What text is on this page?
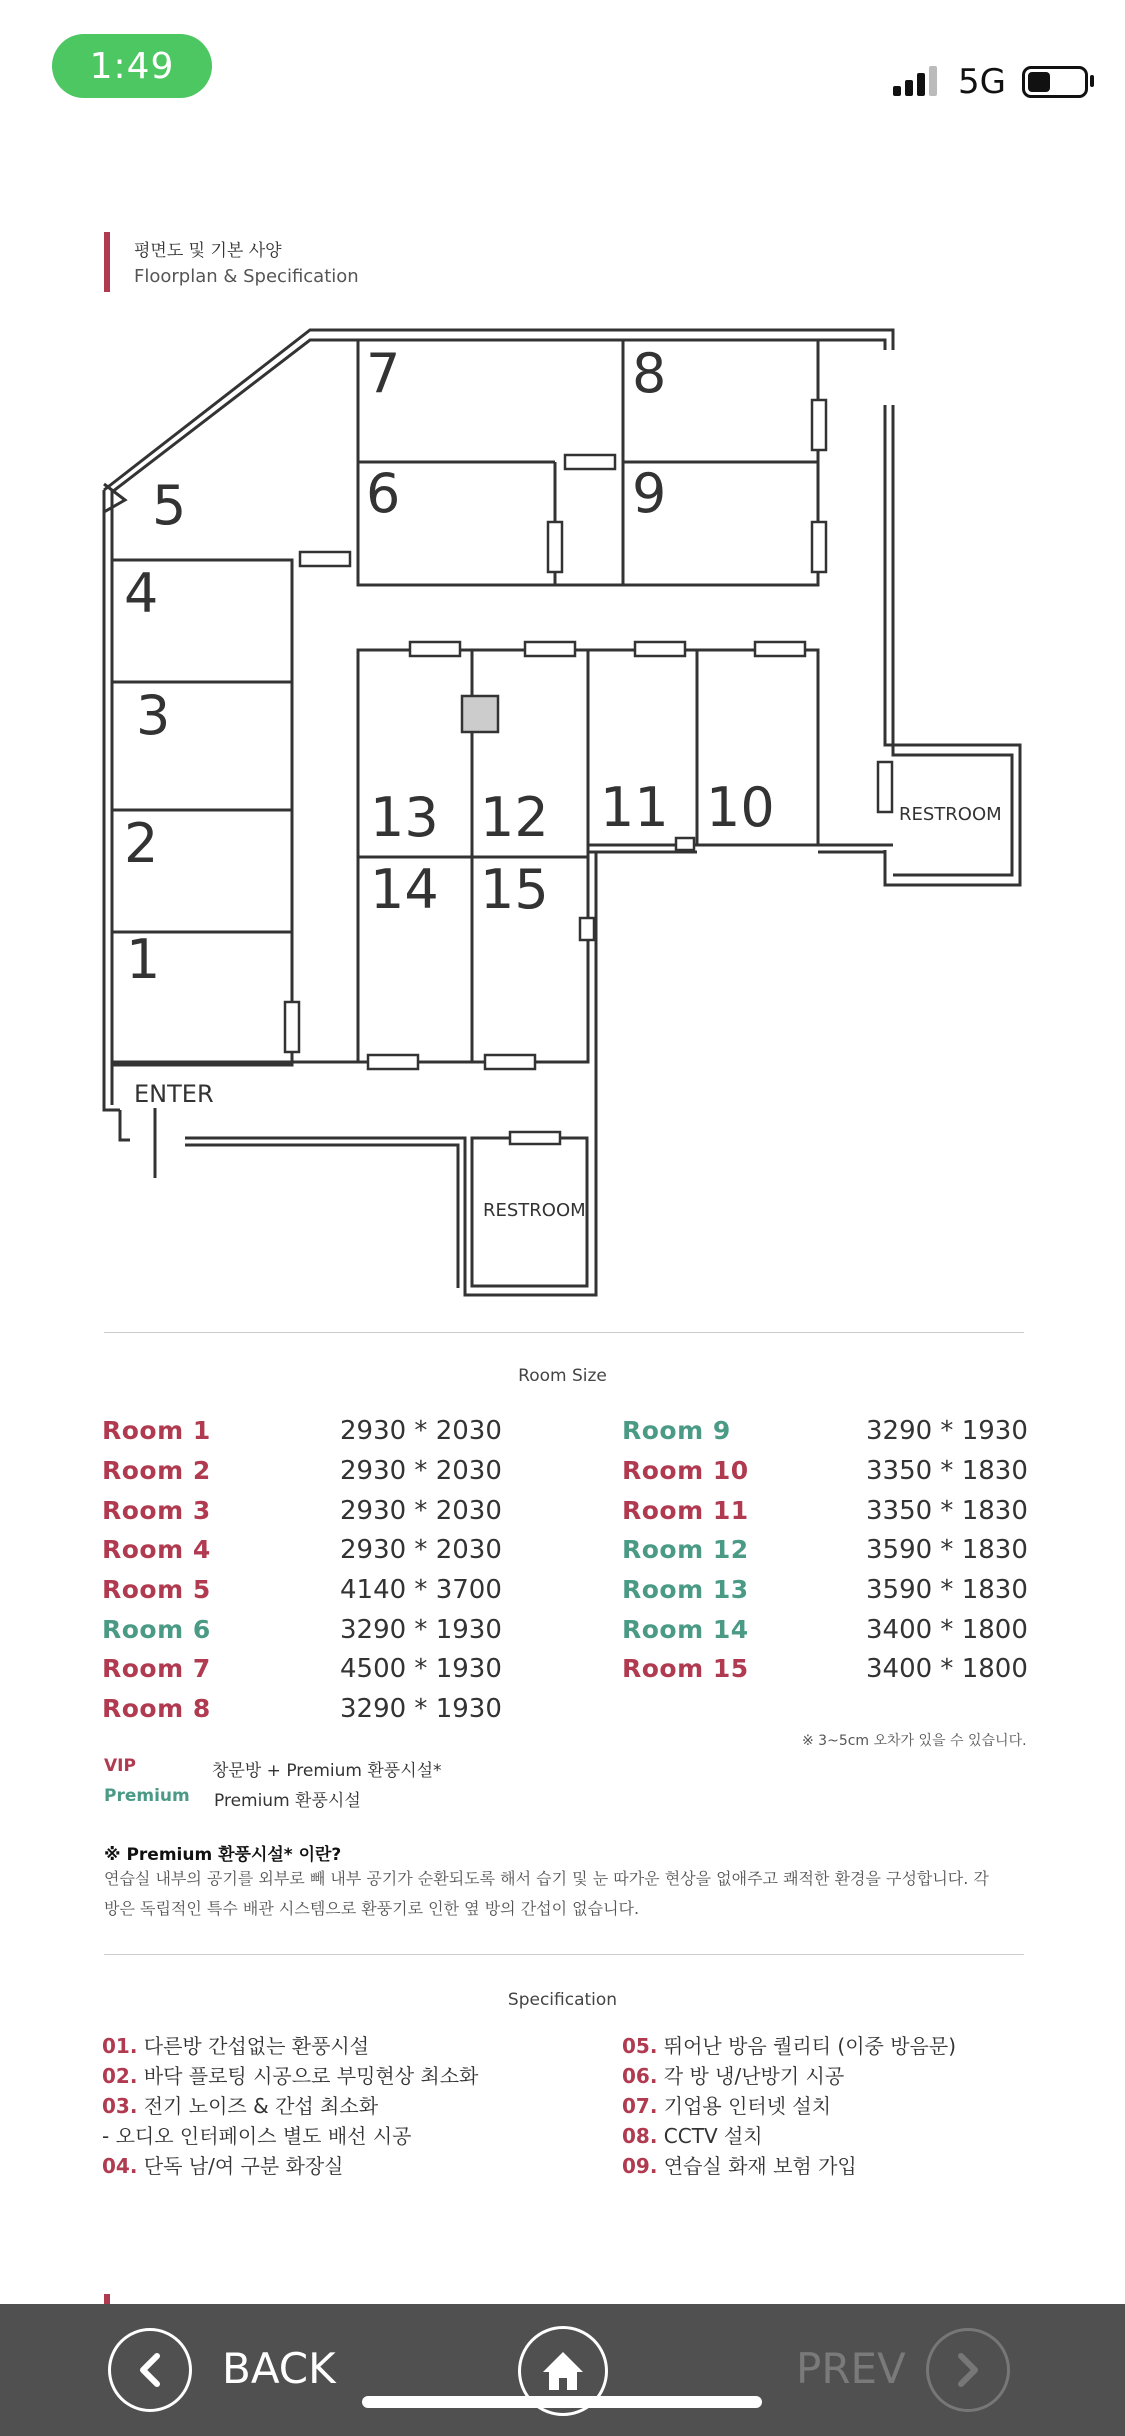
1:49	5G
평면도 및 기본 사양
Floorplan & Specification
ENTER
RESTROOM
RESTROOM
1
2
3
4
5	6
7	8
9
10
11
12
13
14 15
Room Size
Room 1	2930 * 2030
Room 2	2930 * 2030
Room 3	2930 * 2030
Room 4	2930 * 2030
Room 5	4140 * 3700
Room 6	3290 * 1930
Room 7	4500 * 1930
Room 8	3290 * 1930
Room 9	3290 * 1930
Room 10	3350 * 1830
Room 11	3350 * 1830
Room 12	3590 * 1830
Room 13	3590 * 1830
Room 14	3400 * 1800
Room 15	3400 * 1800
※ 3~5cm 오차가 있을 수 있습니다.
VIP	창문방 + Premium 환풍시설*
Premium Premium 환풍시설
※ Premium 환풍시설* 이란?
연습실 내부의 공기를 외부로 빼 내부 공기가 순환되도록 해서 습기 및 눈 따가운 현상을 없애주고 쾌적한 환경을 구성합니다. 각 방은 독립적인 특수 배관 시스템으로 환풍기로 인한 옆 방의 간섭이 없습니다.
Specification
01. 다른방 간섭없는 환풍시설
02. 바닥 플로팅 시공으로 부밍현상 최소화
03. 전기 노이즈 & 간섭 최소화
- 오디오 인터페이스 별도 배선 시공
04. 단독 남/여 구분 화장실
05. 뛰어난 방음 퀄리티 (이중 방음문)
06. 각 방 냉/난방기 시공
07. 기업용 인터넷 설치
08. CCTV 설치
09. 연습실 화재 보험 가입
BACK	PREV
